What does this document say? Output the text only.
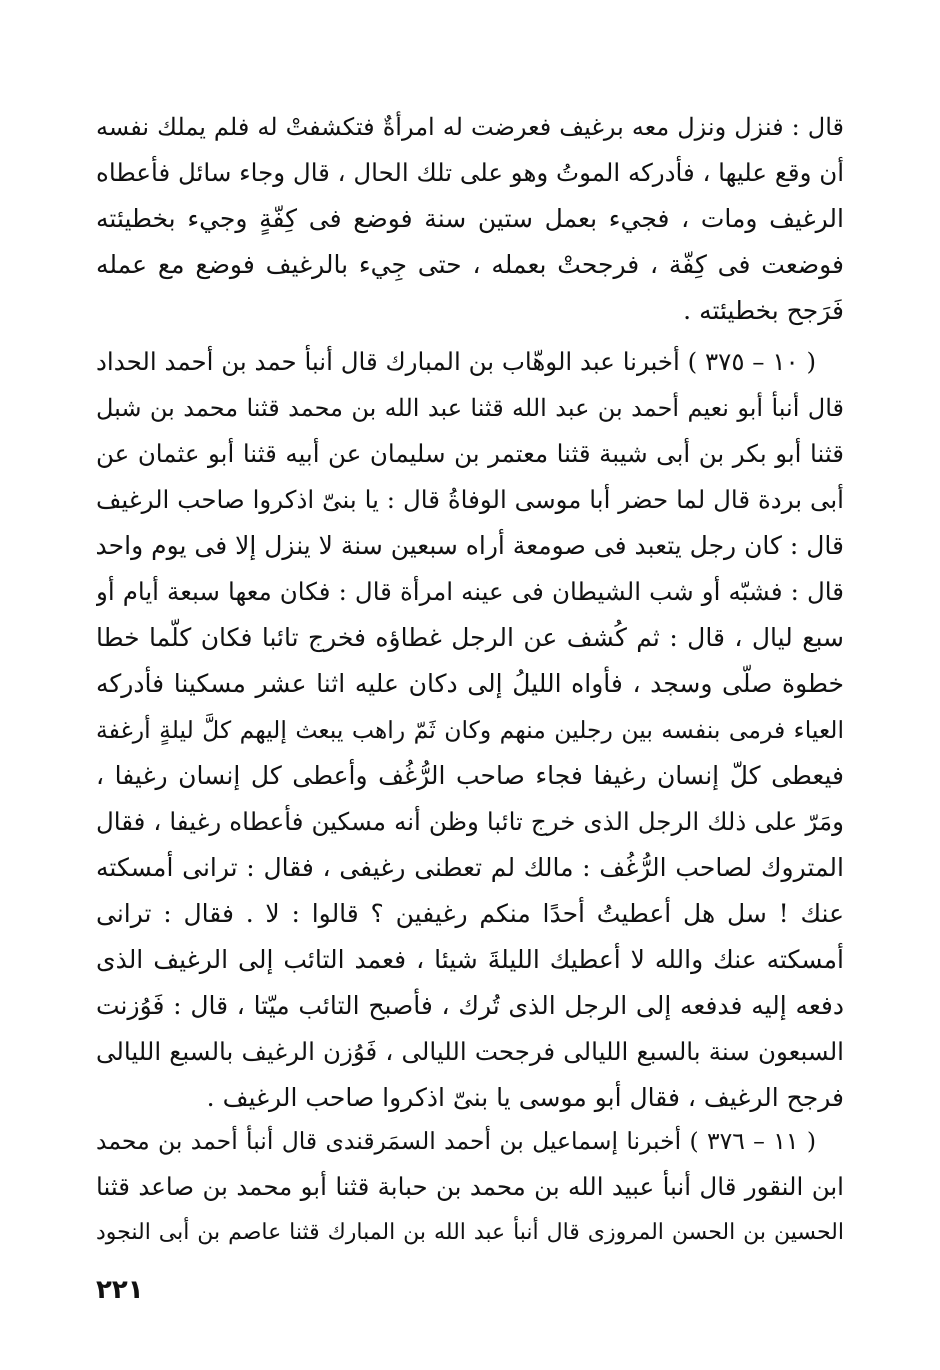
قال : فنزل ونزل معه برغيف فعرضت له امرأةٌ فتكشفتْ له فلم يملك نفسه
أن وقع عليها ، فأدركه الموتُ وهو على تلك الحال ، قال وجاء سائل فأعطاه
الرغيف ومات ، فجيء بعمل ستين سنة فوضع فى كِفّةٍ وجيء بخطيئته
فوضعت فى كِفّة ، فرجحتْ بعمله ، حتى جِيء بالرغيف فوضع مع عمله
فَرَجح بخطيئته .
( ١٠ – ٣٧٥ ) أخبرنا عبد الوهّاب بن المبارك قال أنبأ حمد بن أحمد الحداد
قال أنبأ أبو نعيم أحمد بن عبد الله قثنا عبد الله بن محمد قثنا محمد بن شبل
قثنا أبو بكر بن أبى شيبة قثنا معتمر بن سليمان عن أبيه قثنا أبو عثمان عن
أبى بردة قال لما حضر أبا موسى الوفاةُ قال : يا بنىّ اذكروا صاحب الرغيف
قال : كان رجل يتعبد فى صومعة أراه سبعين سنة لا ينزل إلا فى يوم واحد
قال : فشبّه أو شب الشيطان فى عينه امرأة قال : فكان معها سبعة أيام أو
سبع ليال ، قال : ثم كُشف عن الرجل غطاؤه فخرج تائبا فكان كلّما خطا
خطوة صلّى وسجد ، فأواه الليلُ إلى دكان عليه اثنا عشر مسكينا فأدركه
العياء فرمى بنفسه بين رجلين منهم وكان ثَمّ راهب يبعث إليهم كلَّ ليلةٍ أرغفة
فيعطى كلّ إنسان رغيفا فجاء صاحب الرُّغُف وأعطى كل إنسان رغيفا ،
ومَرّ على ذلك الرجل الذى خرج تائبا وظن أنه مسكين فأعطاه رغيفا ، فقال
المتروك لصاحب الرُّغُف : مالك لم تعطنى رغيفى ، فقال : ترانى أمسكته
عنك ! سل هل أعطيتُ أحدًا منكم رغيفين ؟ قالوا : لا . فقال : ترانى
أمسكته عنك والله لا أعطيك الليلةَ شيئا ، فعمد التائب إلى الرغيف الذى
دفعه إليه فدفعه إلى الرجل الذى تُرك ، فأصبح التائب ميّتا ، قال : فَوُزنت
السبعون سنة بالسبع الليالى فرجحت الليالى ، فَوُزن الرغيف بالسبع الليالى
فرجح الرغيف ، فقال أبو موسى يا بنىّ اذكروا صاحب الرغيف .
( ١١ – ٣٧٦ ) أخبرنا إسماعيل بن أحمد السمَرقندى قال أنبأ أحمد بن محمد
ابن النقور قال أنبأ عبيد الله بن محمد بن حبابة قثنا أبو محمد بن صاعد قثنا
الحسين بن الحسن المروزى قال أنبأ عبد الله بن المبارك قثنا عاصم بن أبى النجود
٢٢١
